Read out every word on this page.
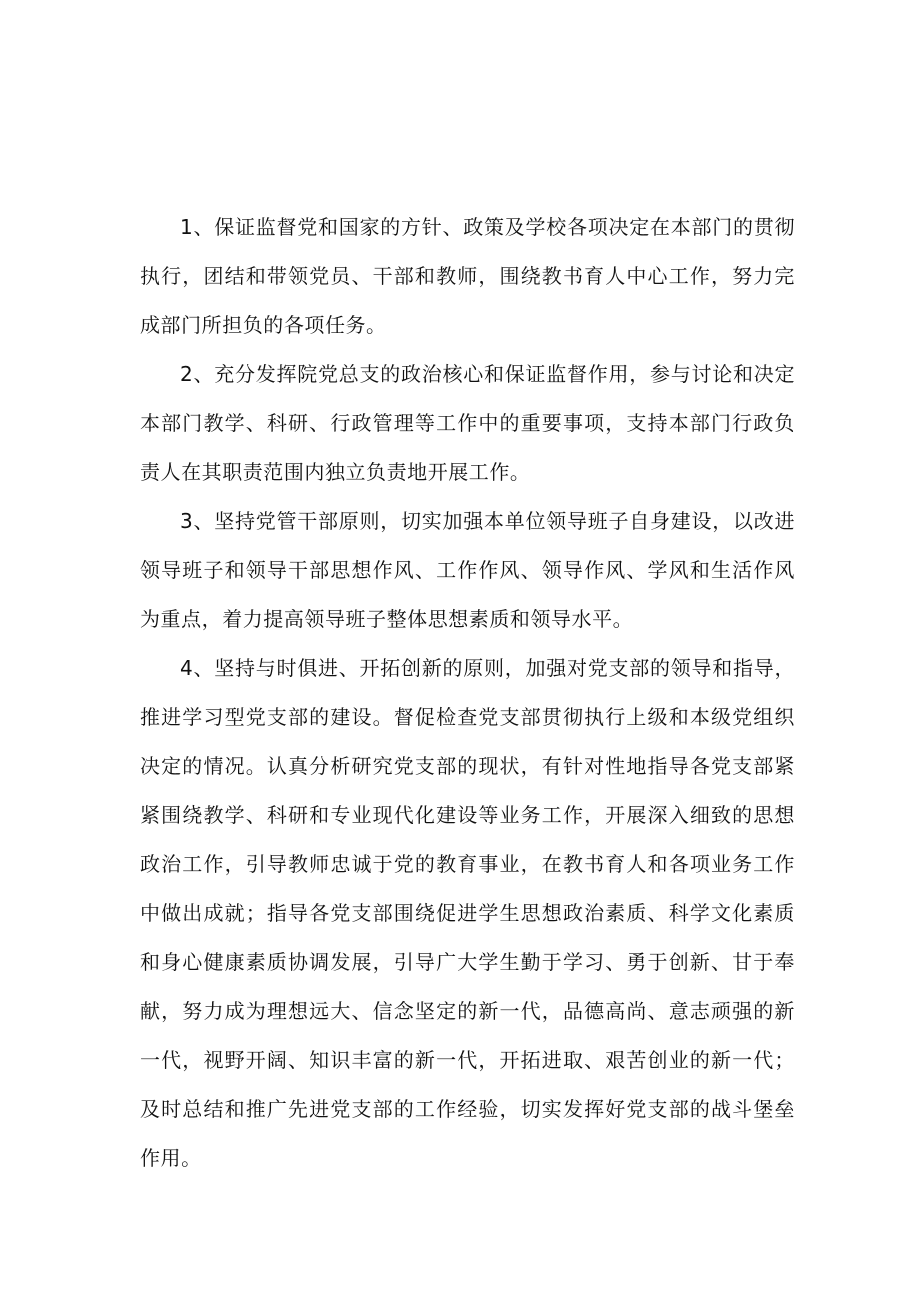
1、保证监督党和国家的方针、政策及学校各项决定在本部门的贯彻执行，团结和带领党员、干部和教师，围绕教书育人中心工作，努力完成部门所担负的各项任务。

2、充分发挥院党总支的政治核心和保证监督作用，参与讨论和决定本部门教学、科研、行政管理等工作中的重要事项，支持本部门行政负责人在其职责范围内独立负责地开展工作。

3、坚持党管干部原则，切实加强本单位领导班子自身建设，以改进领导班子和领导干部思想作风、工作作风、领导作风、学风和生活作风为重点，着力提高领导班子整体思想素质和领导水平。

4、坚持与时俱进、开拓创新的原则，加强对党支部的领导和指导，推进学习型党支部的建设。督促检查党支部贯彻执行上级和本级党组织决定的情况。认真分析研究党支部的现状，有针对性地指导各党支部紧紧围绕教学、科研和专业现代化建设等业务工作，开展深入细致的思想政治工作，引导教师忠诚于党的教育事业，在教书育人和各项业务工作中做出成就；指导各党支部围绕促进学生思想政治素质、科学文化素质和身心健康素质协调发展，引导广大学生勤于学习、勇于创新、甘于奉献，努力成为理想远大、信念坚定的新一代，品德高尚、意志顽强的新一代，视野开阔、知识丰富的新一代，开拓进取、艰苦创业的新一代；及时总结和推广先进党支部的工作经验，切实发挥好党支部的战斗堡垒作用。
